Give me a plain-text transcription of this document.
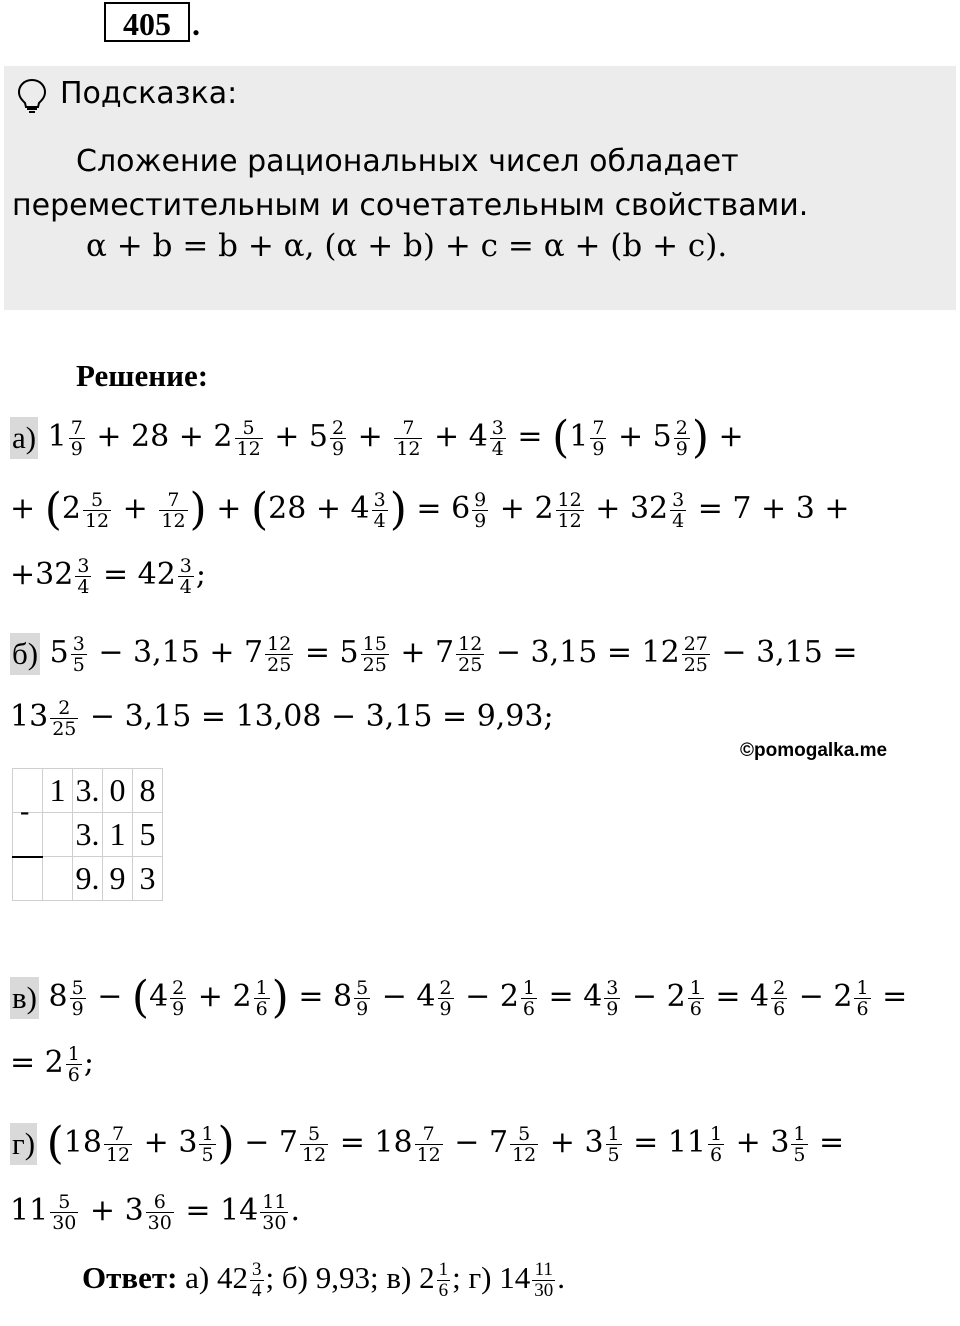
405 .
Подсказка:
Сложение рациональных чисел обладает
переместительным и сочетательным свойствами.
α + b = b + α, (α + b) + c = α + (b + c).
Решение:
а) $1 \frac{7}{9} + 28 + 2 \frac{5}{12} + 5 \frac{2}{9} + \frac{7}{12} + 4 \frac{3}{4} = (1 \frac{7}{9} + 5 \frac{2}{9}$ ) +
+ ($2 \frac{5}{12} + \frac{7}{12}$ ) + ($28 + 4 \frac{3}{4}$ ) = $6 \frac{9}{9} + 2 \frac{12}{12} + 32 \frac{3}{4} = 7 + 3$ +
$+32 \frac{3}{4} = 42 \frac{3}{4}$ ;
б) $5 \frac{3}{5} - 3,15 + 7 \frac{12}{25} = 5 \frac{15}{25} + 7 \frac{12}{25} - 3,15 = 12 \frac{27}{25} - 3,15$ =
$13 \frac{2}{25} - 3,15 = 13,08 - 3,15 = 9,93$;
©pomogalka.me
	1	3.	0	8
		3.	1	5
		9.	9	3
-
в) $8 \frac{5}{9} - (4 \frac{2}{9} + 2 \frac{1}{6}$ ) = $8 \frac{5}{9} - 4 \frac{2}{9} - 2 \frac{1}{6} = 4 \frac{3}{9} - 2 \frac{1}{6} = 4 \frac{2}{6} - 2 \frac{1}{6}$ =
= $2 \frac{1}{6}$ ;
г) ($18 \frac{7}{12} + 3 \frac{1}{5}$ ) − $7 \frac{5}{12} = 18 \frac{7}{12} - 7 \frac{5}{12} + 3 \frac{1}{5} = 11 \frac{1}{6} + 3 \frac{1}{5}$ =
$11 \frac{5}{30} + 3 \frac{6}{30} = 14 \frac{11}{30}$ .
Ответ: а) $42 \frac{3}{4}$ ; б) 9,93; в) $2 \frac{1}{6}$ ; г) $14 \frac{11}{30}$ .
